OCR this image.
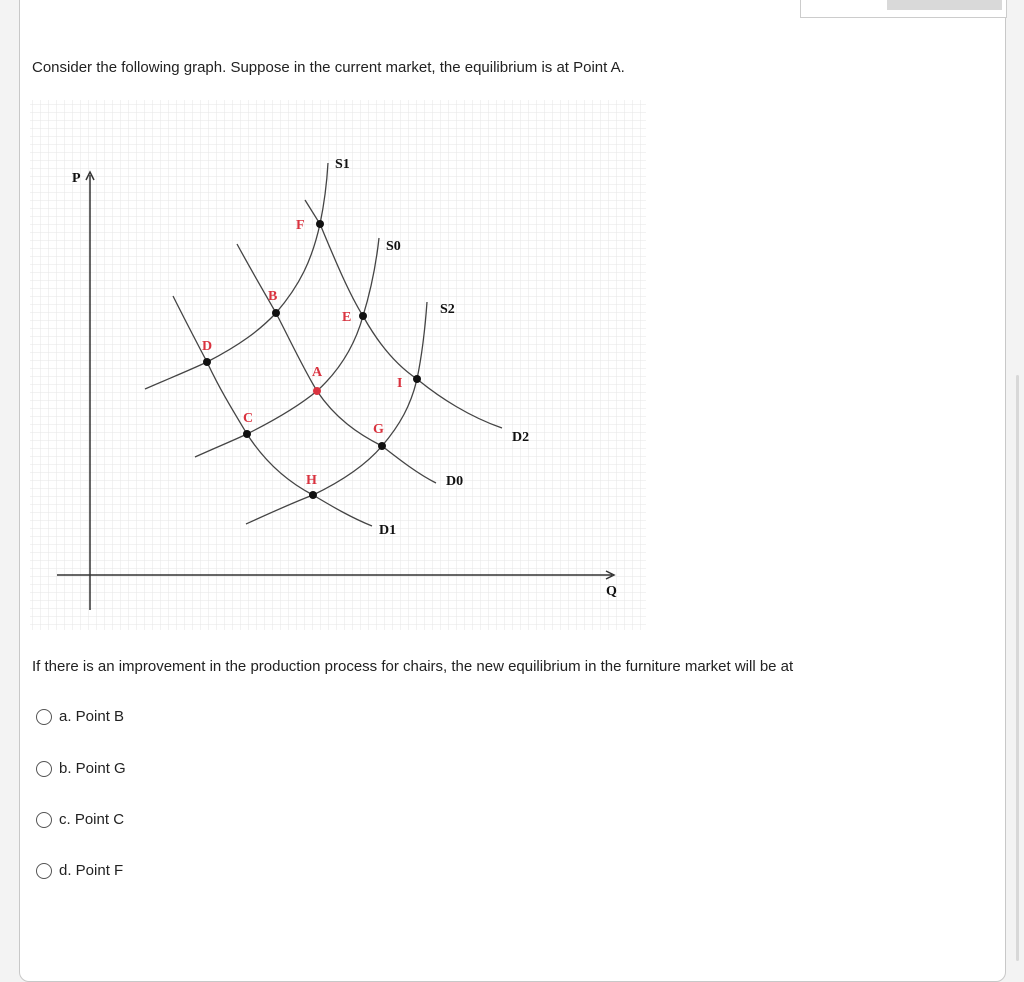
Consider the following graph. Suppose in the current market, the equilibrium is at Point A.
F
B
E
D
A
I
C
G
H
S1
S0
S2
D2
D0
D1
P
Q
If there is an improvement in the production process for chairs, the new equilibrium in the furniture market will be at
a. Point B
b. Point G
c. Point C
d. Point F
